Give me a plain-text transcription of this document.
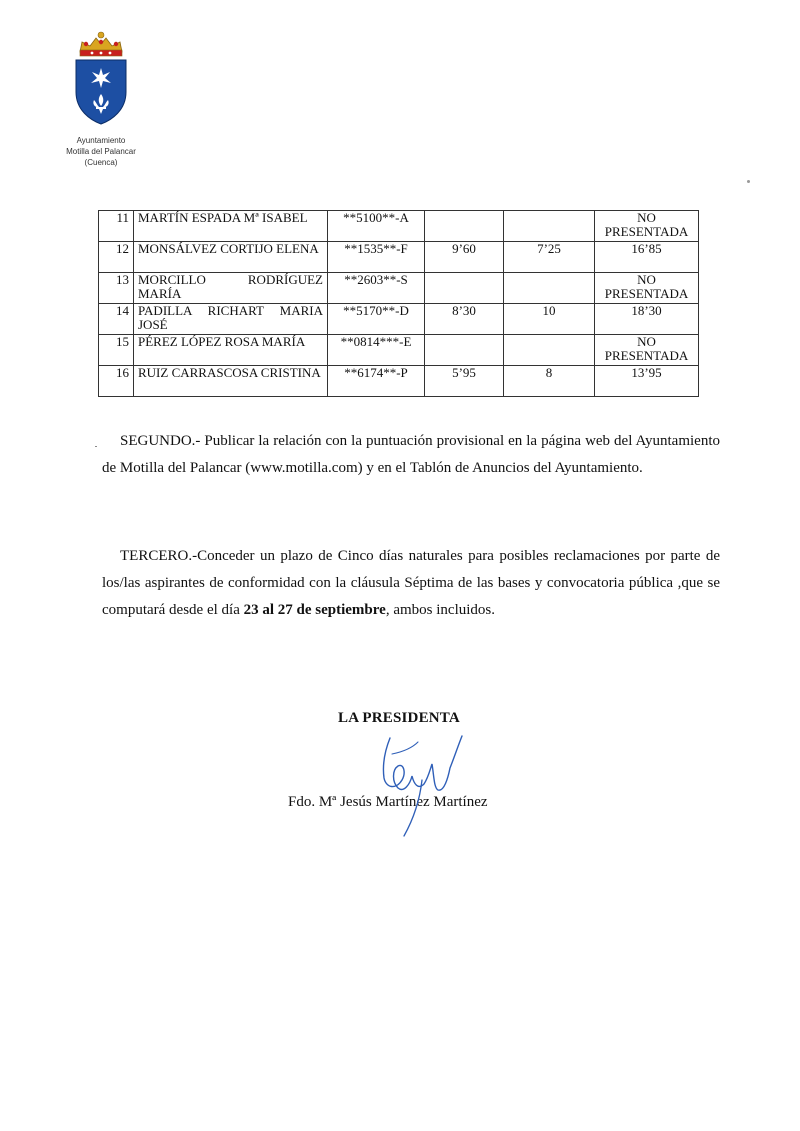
Ayuntamiento
Motilla del Palancar
(Cuenca)
11	MARTÍN ESPADA Mª ISABEL	**5100**-A			NO PRESENTADA
12	MONSÁLVEZ CORTIJO ELENA	**1535**-F	9’60	7’25	16’85
13	MORCILLO RODRÍGUEZ MARÍA	**2603**-S			NO PRESENTADA
14	PADILLA RICHART MARIA JOSÉ	**5170**-D	8’30	10	18’30
15	PÉREZ LÓPEZ ROSA MARÍA	**0814***-E			NO PRESENTADA
16	RUIZ CARRASCOSA CRISTINA	**6174**-P	5’95	8	13’95
SEGUNDO.- Publicar la relación con la puntuación provisional en la página web del Ayuntamiento de Motilla del Palancar (www.motilla.com) y en el Tablón de Anuncios del Ayuntamiento.
TERCERO.-Conceder un plazo de Cinco días naturales para posibles reclamaciones por parte de los/las aspirantes de conformidad con la cláusula Séptima de las bases y convocatoria pública ,que se computará desde el día 23 al 27 de septiembre, ambos incluidos.
LA PRESIDENTA
Fdo. Mª Jesús Martínez Martínez
